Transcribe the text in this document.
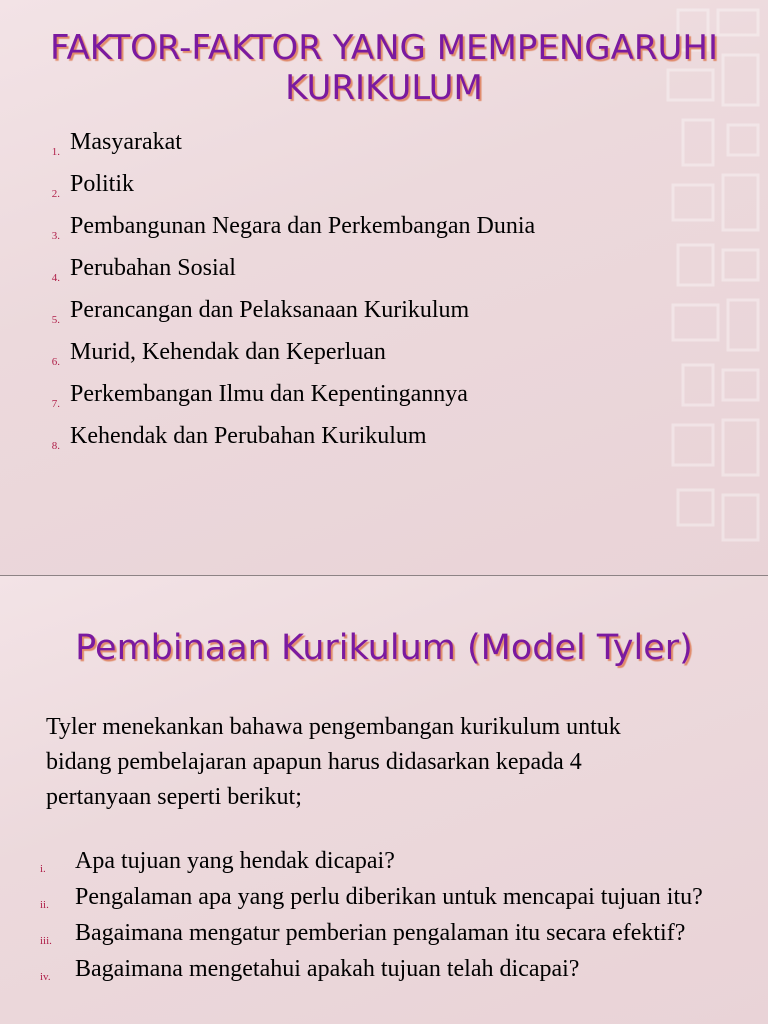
FAKTOR-FAKTOR YANG MEMPENGARUHI KURIKULUM
1. Masyarakat
2. Politik
3. Pembangunan Negara dan Perkembangan Dunia
4. Perubahan Sosial
5. Perancangan dan Pelaksanaan Kurikulum
6. Murid, Kehendak dan Keperluan
7. Perkembangan Ilmu dan Kepentingannya
8. Kehendak dan Perubahan Kurikulum
Pembinaan Kurikulum (Model Tyler)

Tyler menekankan bahawa pengembangan kurikulum untuk bidang pembelajaran apapun harus didasarkan kepada 4 pertanyaan seperti berikut;

i.	Apa tujuan yang hendak dicapai?
ii.	Pengalaman apa yang perlu diberikan untuk mencapai tujuan itu?
iii. Bagaimana mengatur pemberian pengalaman itu secara efektif?
iv.	Bagaimana mengetahui apakah tujuan telah dicapai?
